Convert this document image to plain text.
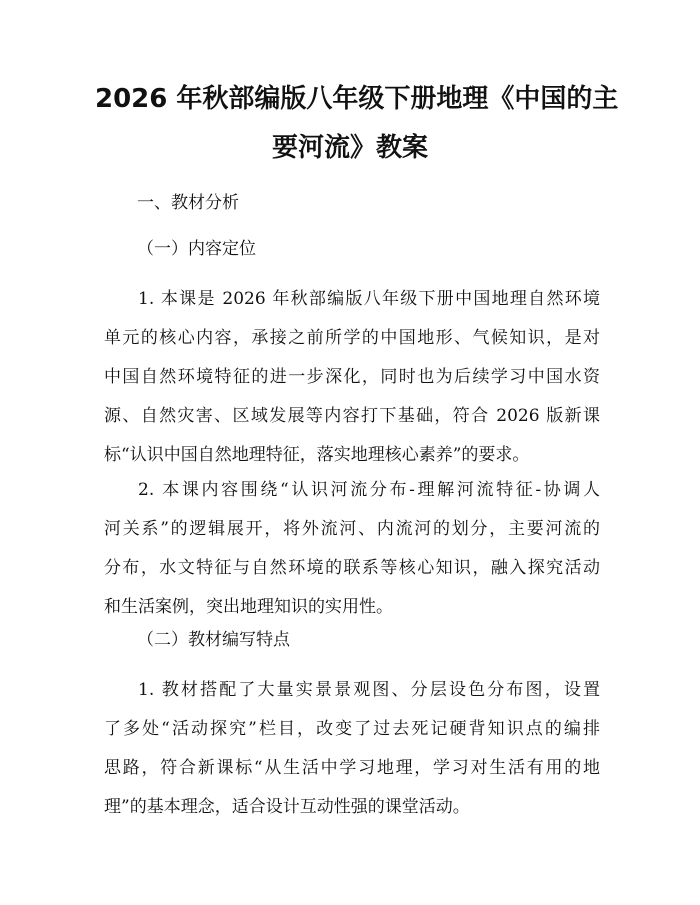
2026 年秋部编版八年级下册地理《中国的主
要河流》教案

一、教材分析

（一）内容定位

1. 本课是 2026 年秋部编版八年级下册中国地理自然环境
单元的核心内容，承接之前所学的中国地形、气候知识，是对
中国自然环境特征的进一步深化，同时也为后续学习中国水资
源、自然灾害、区域发展等内容打下基础，符合 2026 版新课
标“认识中国自然地理特征，落实地理核心素养”的要求。
2. 本课内容围绕“认识河流分布-理解河流特征-协调人
河关系”的逻辑展开，将外流河、内流河的划分，主要河流的
分布，水文特征与自然环境的联系等核心知识，融入探究活动
和生活案例，突出地理知识的实用性。

（二）教材编写特点

1. 教材搭配了大量实景景观图、分层设色分布图，设置
了多处“活动探究”栏目，改变了过去死记硬背知识点的编排
思路，符合新课标“从生活中学习地理，学习对生活有用的地
理”的基本理念，适合设计互动性强的课堂活动。
